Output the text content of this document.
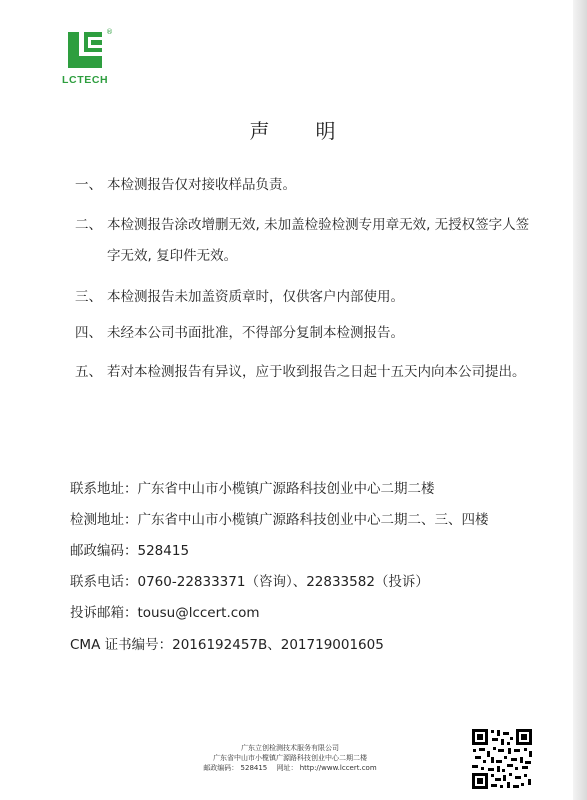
®
LCTECH
声　　明
一、 本检测报告仅对接收样品负责。
二、 本检测报告涂改增删无效, 未加盖检验检测专用章无效, 无授权签字人签字无效, 复印件无效。
三、 本检测报告未加盖资质章时，仅供客户内部使用。
四、 未经本公司书面批准，不得部分复制本检测报告。
五、 若对本检测报告有异议，应于收到报告之日起十五天内向本公司提出。
联系地址：广东省中山市小榄镇广源路科技创业中心二期二楼
检测地址：广东省中山市小榄镇广源路科技创业中心二期二、三、四楼
邮政编码：528415
联系电话：0760-22833371（咨询）、22833582（投诉）
投诉邮箱：tousu@lccert.com
CMA 证书编号：2016192457B、201719001605
广东立创检测技术服务有限公司
广东省中山市小榄镇广源路科技创业中心二期二楼
邮政编码： 528415　 网址： http://www.lccert.com
